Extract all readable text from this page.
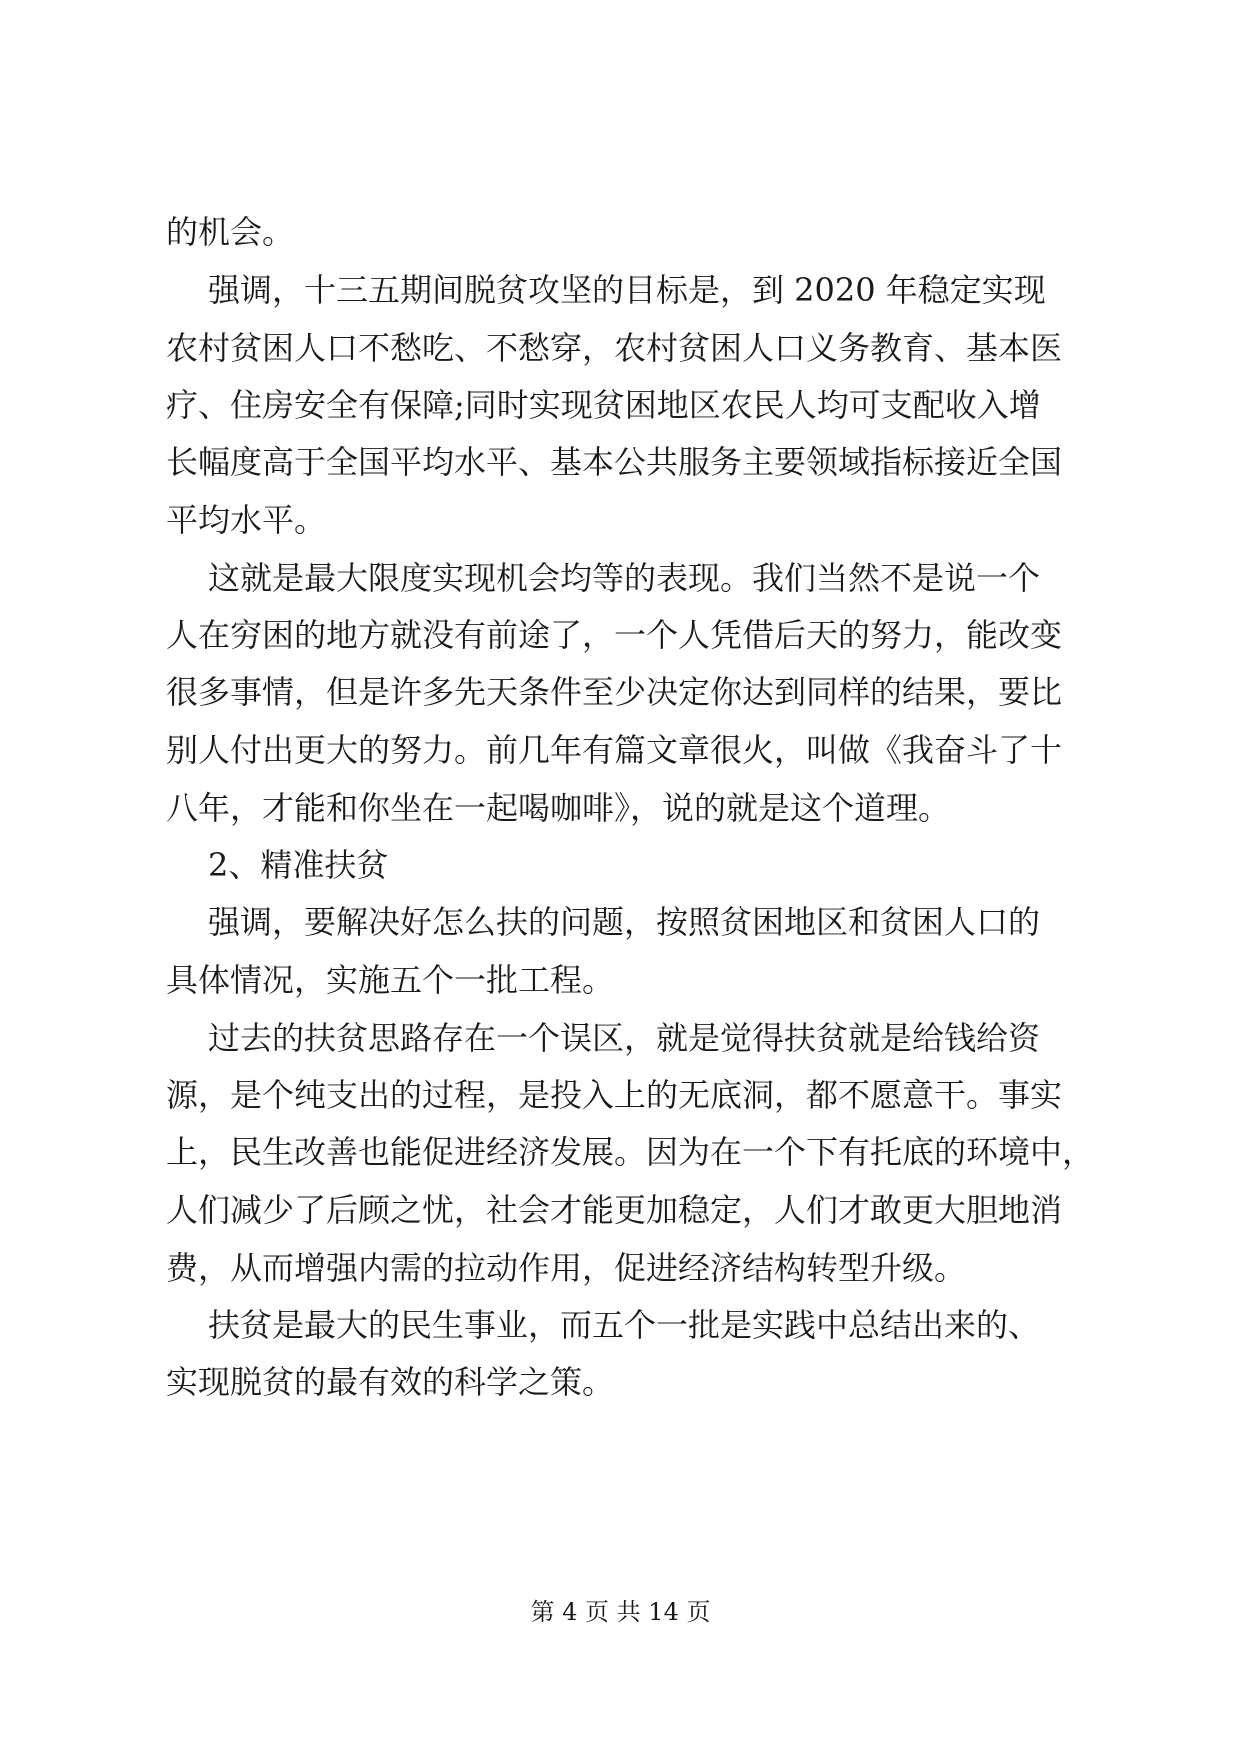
的机会。
强调，十三五期间脱贫攻坚的目标是，到 2020 年稳定实现
农村贫困人口不愁吃、不愁穿，农村贫困人口义务教育、基本医
疗、住房安全有保障;同时实现贫困地区农民人均可支配收入增
长幅度高于全国平均水平、基本公共服务主要领域指标接近全国
平均水平。
这就是最大限度实现机会均等的表现。我们当然不是说一个
人在穷困的地方就没有前途了，一个人凭借后天的努力，能改变
很多事情，但是许多先天条件至少决定你达到同样的结果，要比
别人付出更大的努力。前几年有篇文章很火，叫做《我奋斗了十
八年，才能和你坐在一起喝咖啡》，说的就是这个道理。
2、精准扶贫
强调，要解决好怎么扶的问题，按照贫困地区和贫困人口的
具体情况，实施五个一批工程。
过去的扶贫思路存在一个误区，就是觉得扶贫就是给钱给资
源，是个纯支出的过程，是投入上的无底洞，都不愿意干。事实
上，民生改善也能促进经济发展。因为在一个下有托底的环境中，
人们减少了后顾之忧，社会才能更加稳定，人们才敢更大胆地消
费，从而增强内需的拉动作用，促进经济结构转型升级。
扶贫是最大的民生事业，而五个一批是实践中总结出来的、
实现脱贫的最有效的科学之策。
第 4 页 共 14 页
